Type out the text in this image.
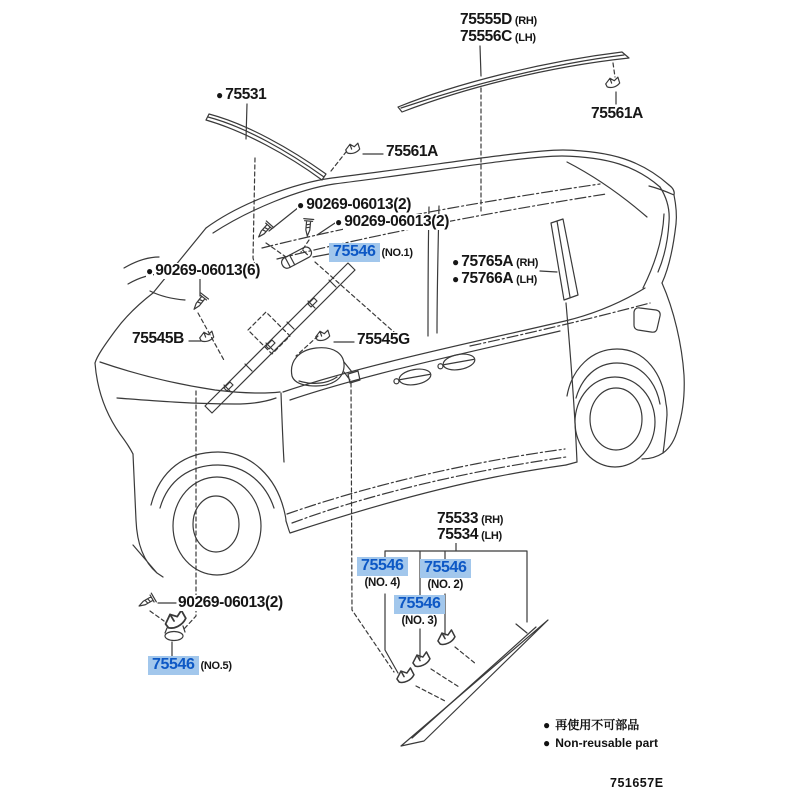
75555D (RH)
75556C (LH)
75561A
● 75531
75561A
● 90269-06013(2)
● 90269-06013(2)
75546 (NO.1)
● 75765A (RH)
● 75766A (LH)
● 90269-06013(6)
75545B	75545G
75533 (RH)
75534 (LH)
75546
(NO. 4)
75546
(NO. 2)
75546
(NO. 3)
90269-06013(2)
75546 (NO.5)
● 再使用不可部品
● Non-reusable part
751657E
